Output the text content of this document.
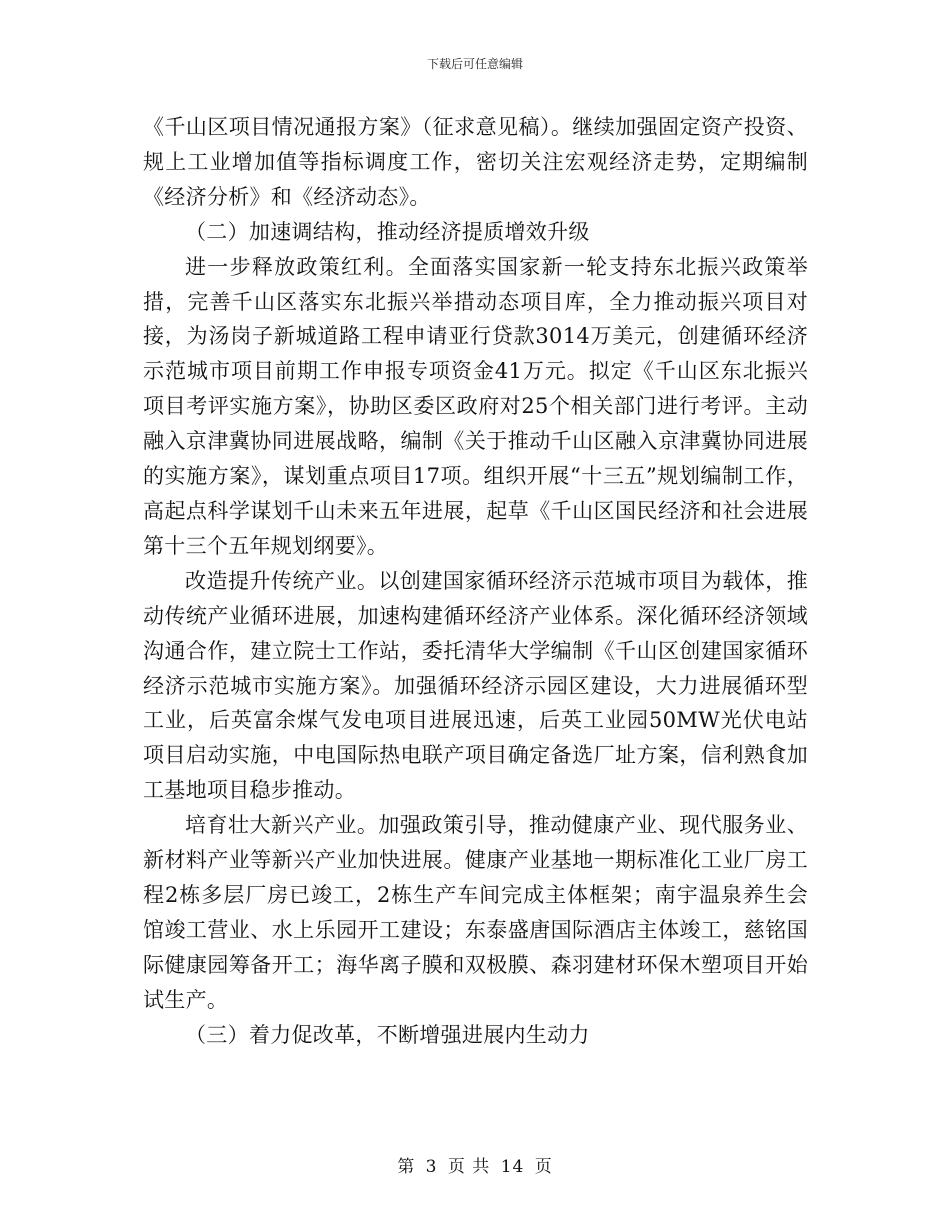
下载后可任意编辑

《千山区项目情况通报方案》（征求意见稿）。继续加强固定资产投资、规上工业增加值等指标调度工作，密切关注宏观经济走势，定期编制《经济分析》和《经济动态》。

（二）加速调结构，推动经济提质增效升级

进一步释放政策红利。全面落实国家新一轮支持东北振兴政策举措，完善千山区落实东北振兴举措动态项目库，全力推动振兴项目对接，为汤岗子新城道路工程申请亚行贷款3014万美元，创建循环经济示范城市项目前期工作申报专项资金41万元。拟定《千山区东北振兴项目考评实施方案》，协助区委区政府对25个相关部门进行考评。主动融入京津冀协同进展战略，编制《关于推动千山区融入京津冀协同进展的实施方案》，谋划重点项目17项。组织开展“十三五”规划编制工作，高起点科学谋划千山未来五年进展，起草《千山区国民经济和社会进展第十三个五年规划纲要》。

改造提升传统产业。以创建国家循环经济示范城市项目为载体，推动传统产业循环进展，加速构建循环经济产业体系。深化循环经济领域沟通合作，建立院士工作站，委托清华大学编制《千山区创建国家循环经济示范城市实施方案》。加强循环经济示园区建设，大力进展循环型工业，后英富余煤气发电项目进展迅速，后英工业园50MW光伏电站项目启动实施，中电国际热电联产项目确定备选厂址方案，信利熟食加工基地项目稳步推动。

培育壮大新兴产业。加强政策引导，推动健康产业、现代服务业、新材料产业等新兴产业加快进展。健康产业基地一期标准化工业厂房工程2栋多层厂房已竣工，2栋生产车间完成主体框架；南宇温泉养生会馆竣工营业、水上乐园开工建设；东泰盛唐国际酒店主体竣工，慈铭国际健康园筹备开工；海华离子膜和双极膜、森羽建材环保木塑项目开始试生产。

（三）着力促改革，不断增强进展内生动力

第 3 页 共 14 页
